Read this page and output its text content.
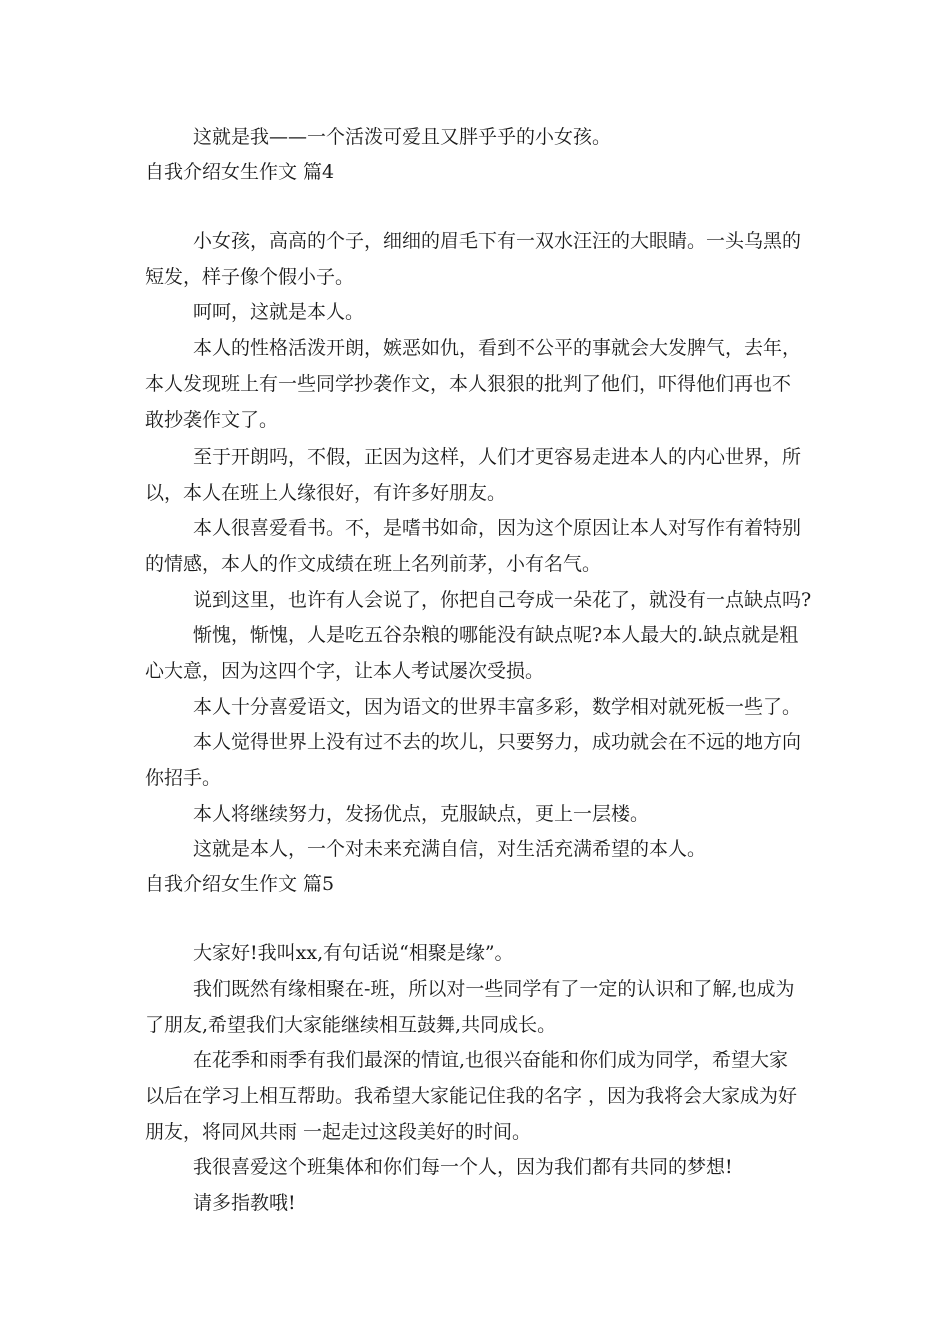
这就是我——一个活泼可爱且又胖乎乎的小女孩。
自我介绍女生作文 篇4
小女孩，高高的个子，细细的眉毛下有一双水汪汪的大眼睛。一头乌黑的
短发，样子像个假小子。
呵呵，这就是本人。
本人的性格活泼开朗，嫉恶如仇，看到不公平的事就会大发脾气，去年，
本人发现班上有一些同学抄袭作文，本人狠狠的批判了他们，吓得他们再也不
敢抄袭作文了。
至于开朗吗，不假，正因为这样，人们才更容易走进本人的内心世界，所
以，本人在班上人缘很好，有许多好朋友。
本人很喜爱看书。不，是嗜书如命，因为这个原因让本人对写作有着特别
的情感，本人的作文成绩在班上名列前茅，小有名气。
说到这里，也许有人会说了，你把自己夸成一朵花了，就没有一点缺点吗?
惭愧，惭愧，人是吃五谷杂粮的哪能没有缺点呢?本人最大的.缺点就是粗
心大意，因为这四个字，让本人考试屡次受损。
本人十分喜爱语文，因为语文的世界丰富多彩，数学相对就死板一些了。
本人觉得世界上没有过不去的坎儿，只要努力，成功就会在不远的地方向
你招手。
本人将继续努力，发扬优点，克服缺点，更上一层楼。
这就是本人，一个对未来充满自信，对生活充满希望的本人。
自我介绍女生作文 篇5
大家好!我叫xx,有句话说“相聚是缘”。
我们既然有缘相聚在-班，所以对一些同学有了一定的认识和了解,也成为
了朋友,希望我们大家能继续相互鼓舞,共同成长。
在花季和雨季有我们最深的情谊,也很兴奋能和你们成为同学，希望大家
以后在学习上相互帮助。我希望大家能记住我的名字 ，因为我将会大家成为好
朋友，将同风共雨 一起走过这段美好的时间。
我很喜爱这个班集体和你们每一个人，因为我们都有共同的梦想!
请多指教哦!
